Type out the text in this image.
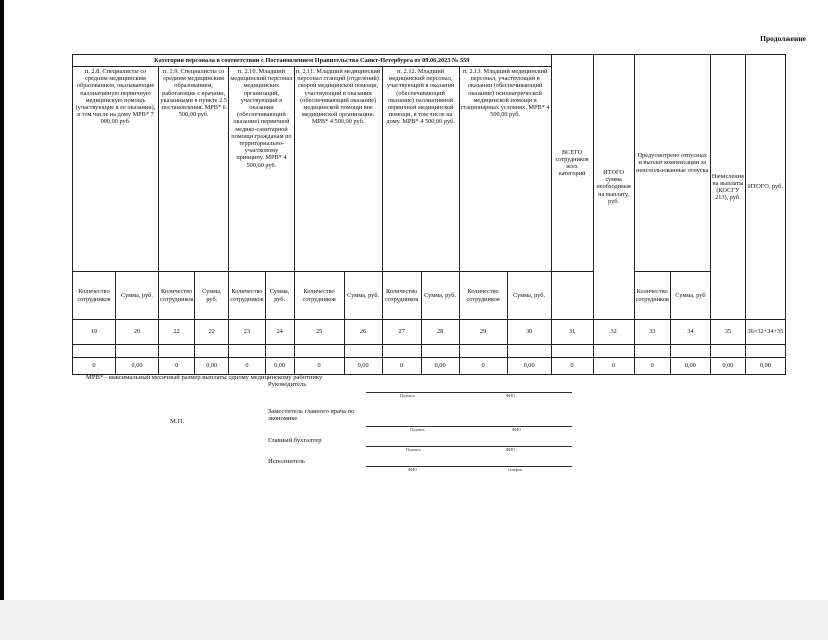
Продолжение
Категория персонала в соответствии с Постановлением Правительства Санкт-Петербурга от 09.06.2023 № 559												ВСЕГО сотрудников всех категорий	ИТОГО сумма необходимая на выплату, руб.	Предусмотрено отпусных и выплат компенсации за неиспользованные отпуска		Начисления на выплаты (КОСГУ 213), руб.	ИТОГО, руб.
п. 2.8. Специалисты со средним медицинским образованием, оказывающие паллиативную первичную медицинскую помощь (участвующие в ее оказании), в том числе на дому МРВ* 7 000,00 руб.		п. 2.9. Специалисты со средним медицинским образованием, работающие с врачами, указанными в пункте 2.5 постановления. МРВ* 6 500,00 руб.		п. 2.10. Младший медицинский персонал медицинских организаций, участвующий в оказании (обеспечивающий оказание) первичной медико-санитарной помощи гражданам по территориально-участковому принципу. МРВ* 4 500,00 руб.		п. 2.11. Младший медицинский персонал станций (отделений) скорой медицинской помощи, участвующий в оказании (обеспечивающий оказание) медицинской помощи вне медицинской организации. МРВ* 4 500,00 руб.		п. 2.12. Младший медицинский персонал, участвующий в оказании (обеспечивающий оказание) паллиативной первичной медицинской помощи, в том числе на дому. МРВ* 4 500,00 руб.		п. 2.13. Младший медицинский персонал, участвующий в оказании (обеспечивающий оказание) психиатрической медицинской помощи в стационарных условиях. МРВ* 4 500,00 руб.							
Количество сотрудников	Сумма, руб.	Количество сотрудников	Сумма, руб.	Количество сотрудников	Сумма, руб.	Количество сотрудников	Сумма, руб.	Количество сотрудников	Сумма, руб.	Количество сотрудников	Сумма, руб.			Количество сотрудников	Сумма, руб		
19	20	22	22	23	24	25	26	27	28	29	30	31	32	33	34	35	36=32+34+35

0	0,00	0	0,00	0	0,00	0	0,00	0	0,00	0	0,00	0	0	0	0,00	0,00	0,00
МРВ* - максимальный месячный размер выплаты одному медицинскому работнику
Руководитель
Подпись	ФИО
Заместитель главного врача по экономике
М.П.
Подпись	ФИО
Главный бухгалтер
Подпись	ФИО
Исполнитель
ФИО	телефон
